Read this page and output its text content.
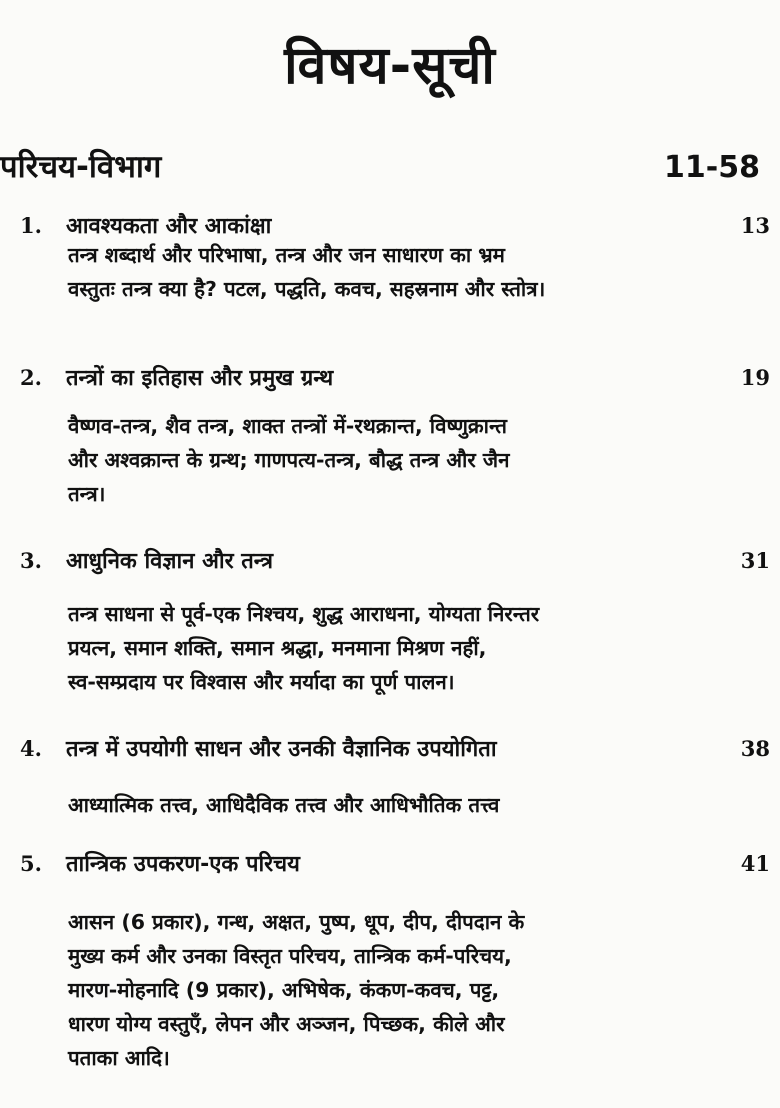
विषय-सूची
परिचय-विभाग	11-58
1.	आवश्यकता और आकांक्षा	13
तन्त्र शब्दार्थ और परिभाषा, तन्त्र और जन साधारण का भ्रम
वस्तुतः तन्त्र क्या है? पटल, पद्धति, कवच, सहस्रनाम और स्तोत्र।
2.	तन्त्रों का इतिहास और प्रमुख ग्रन्थ	19
वैष्णव-तन्त्र, शैव तन्त्र, शाक्त तन्त्रों में-रथक्रान्त, विष्णुक्रान्त
और अश्वक्रान्त के ग्रन्थ; गाणपत्य-तन्त्र, बौद्ध तन्त्र और जैन
तन्त्र।
3.	आधुनिक विज्ञान और तन्त्र	31
तन्त्र साधना से पूर्व-एक निश्चय, शुद्ध आराधना, योग्यता निरन्तर
प्रयत्न, समान शक्ति, समान श्रद्धा, मनमाना मिश्रण नहीं,
स्व-सम्प्रदाय पर विश्वास और मर्यादा का पूर्ण पालन।
4.	तन्त्र में उपयोगी साधन और उनकी वैज्ञानिक उपयोगिता	38
आध्यात्मिक तत्त्व, आधिदैविक तत्त्व और आधिभौतिक तत्त्व
5.	तान्त्रिक उपकरण-एक परिचय	41
आसन (6 प्रकार), गन्ध, अक्षत, पुष्प, धूप, दीप, दीपदान के
मुख्य कर्म और उनका विस्तृत परिचय, तान्त्रिक कर्म-परिचय,
मारण-मोहनादि (9 प्रकार), अभिषेक, कंकण-कवच, पट्ट,
धारण योग्य वस्तुएँ, लेपन और अञ्जन, पिच्छक, कीले और
पताका आदि।
